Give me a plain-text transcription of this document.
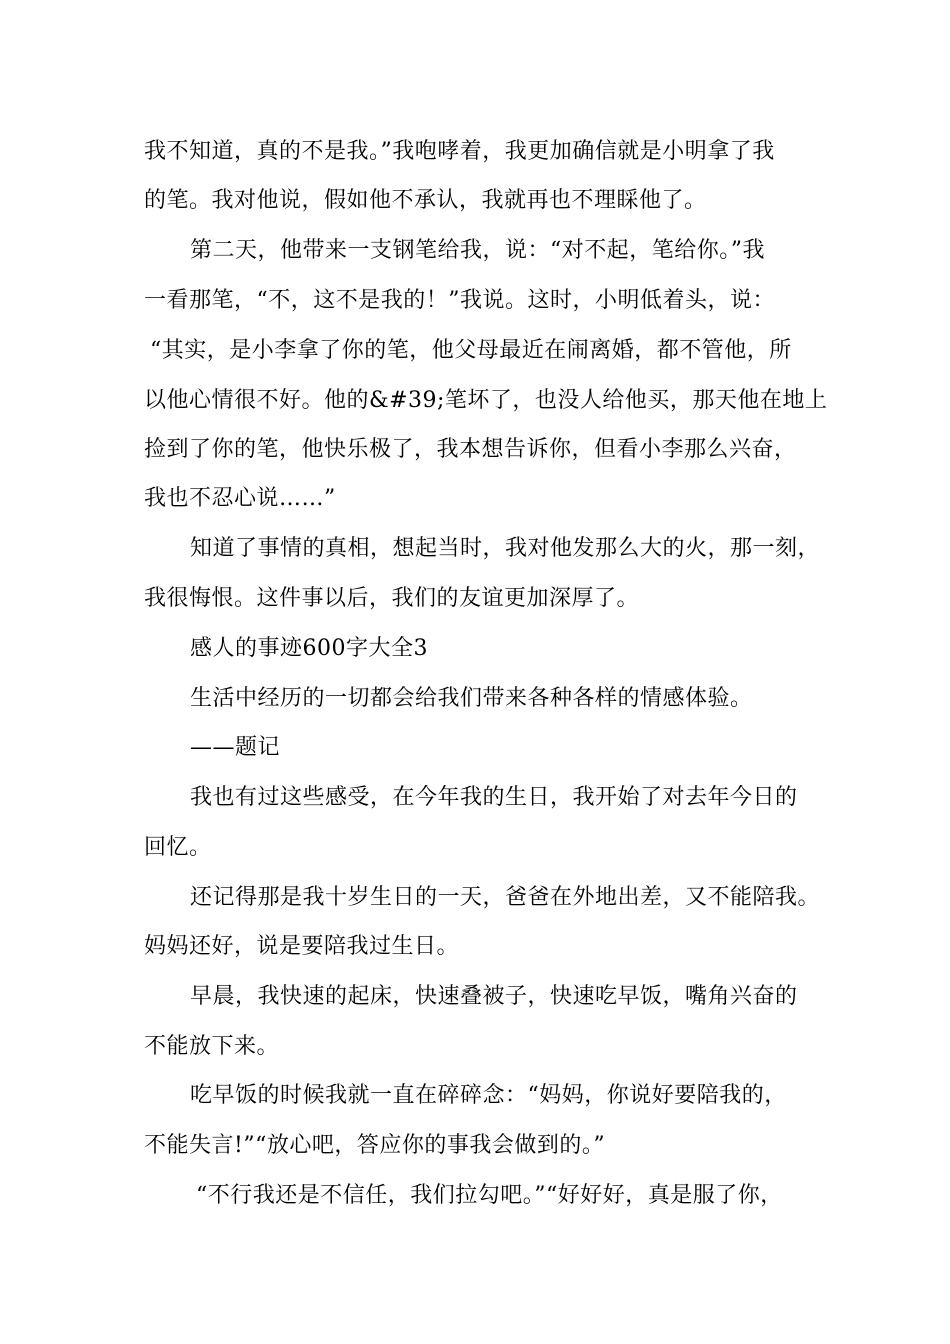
我不知道，真的不是我。”我咆哮着，我更加确信就是小明拿了我
的笔。我对他说，假如他不承认，我就再也不理睬他了。
第二天，他带来一支钢笔给我，说：“对不起，笔给你。”我
一看那笔，“不，这不是我的！”我说。这时，小明低着头，说：
“其实，是小李拿了你的笔，他父母最近在闹离婚，都不管他，所
以他心情很不好。他的&#39;笔坏了，也没人给他买，那天他在地上
捡到了你的笔，他快乐极了，我本想告诉你，但看小李那么兴奋，
我也不忍心说……”
知道了事情的真相，想起当时，我对他发那么大的火，那一刻，
我很悔恨。这件事以后，我们的友谊更加深厚了。
感人的事迹600字大全3
生活中经历的一切都会给我们带来各种各样的情感体验。
——题记
我也有过这些感受，在今年我的生日，我开始了对去年今日的
回忆。
还记得那是我十岁生日的一天，爸爸在外地出差，又不能陪我。
妈妈还好，说是要陪我过生日。
早晨，我快速的起床，快速叠被子，快速吃早饭，嘴角兴奋的
不能放下来。
吃早饭的时候我就一直在碎碎念：“妈妈，你说好要陪我的，
不能失言!”“放心吧，答应你的事我会做到的。”
“不行我还是不信任，我们拉勾吧。”“好好好，真是服了你，
